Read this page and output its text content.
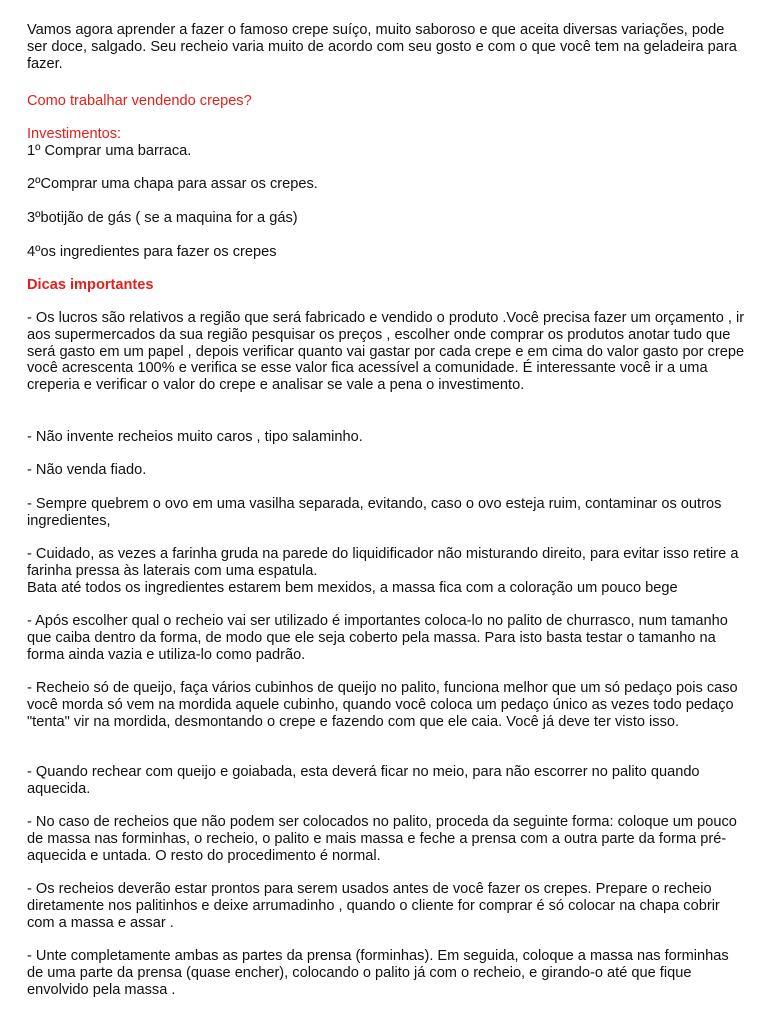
Vamos agora aprender a fazer o famoso crepe suíço, muito saboroso e que aceita diversas variações, pode ser doce, salgado. Seu recheio varia muito de acordo com seu gosto e com o que você tem na geladeira para fazer.

Como trabalhar vendendo crepes?

Investimentos:

1º Comprar uma barraca.

2ºComprar uma chapa para assar os crepes.

3ºbotijão de gás ( se a maquina for a gás)

4ºos ingredientes para fazer os crepes

Dicas importantes

- Os lucros são relativos a região que será fabricado e vendido o produto .Você precisa fazer um orçamento , ir aos supermercados da sua região pesquisar os preços , escolher onde comprar os produtos anotar tudo que será gasto em um papel , depois verificar quanto vai gastar por cada crepe e em cima do valor gasto por crepe você acrescenta 100% e verifica se esse valor fica acessível a comunidade. É interessante você ir a uma creperia e verificar o valor do crepe e analisar se vale a pena o investimento.

- Não invente recheios muito caros , tipo salaminho.

- Não venda fiado.

- Sempre quebrem o ovo em uma vasilha separada, evitando, caso o ovo esteja ruim, contaminar os outros ingredientes,

- Cuidado, as vezes a farinha gruda na parede do liquidificador não misturando direito, para evitar isso retire a farinha pressa às laterais com uma espatula.
Bata até todos os ingredientes estarem bem mexidos, a massa fica com a coloração um pouco bege

- Após escolher qual o recheio vai ser utilizado é importantes coloca-lo no palito de churrasco, num tamanho que caiba dentro da forma, de modo que ele seja coberto pela massa. Para isto basta testar o tamanho na forma ainda vazia e utiliza-lo como padrão.

- Recheio só de queijo, faça vários cubinhos de queijo no palito, funciona melhor que um só pedaço pois caso você morda só vem na mordida aquele cubinho, quando você coloca um pedaço único as vezes todo pedaço "tenta" vir na mordida, desmontando o crepe e fazendo com que ele caia. Você já deve ter visto isso.

- Quando rechear com queijo e goiabada, esta deverá ficar no meio, para não escorrer no palito quando aquecida.

- No caso de recheios que não podem ser colocados no palito, proceda da seguinte forma: coloque um pouco de massa nas forminhas, o recheio, o palito e mais massa e feche a prensa com a outra parte da forma pré-aquecida e untada. O resto do procedimento é normal.

- Os recheios deverão estar prontos para serem usados antes de você fazer os crepes. Prepare o recheio diretamente nos palitinhos e deixe arrumadinho , quando o cliente for comprar é só colocar na chapa cobrir com a massa e assar .

- Unte completamente ambas as partes da prensa (forminhas). Em seguida, coloque a massa nas forminhas de uma parte da prensa (quase encher), colocando o palito já com o recheio, e girando-o até que fique envolvido pela massa .
